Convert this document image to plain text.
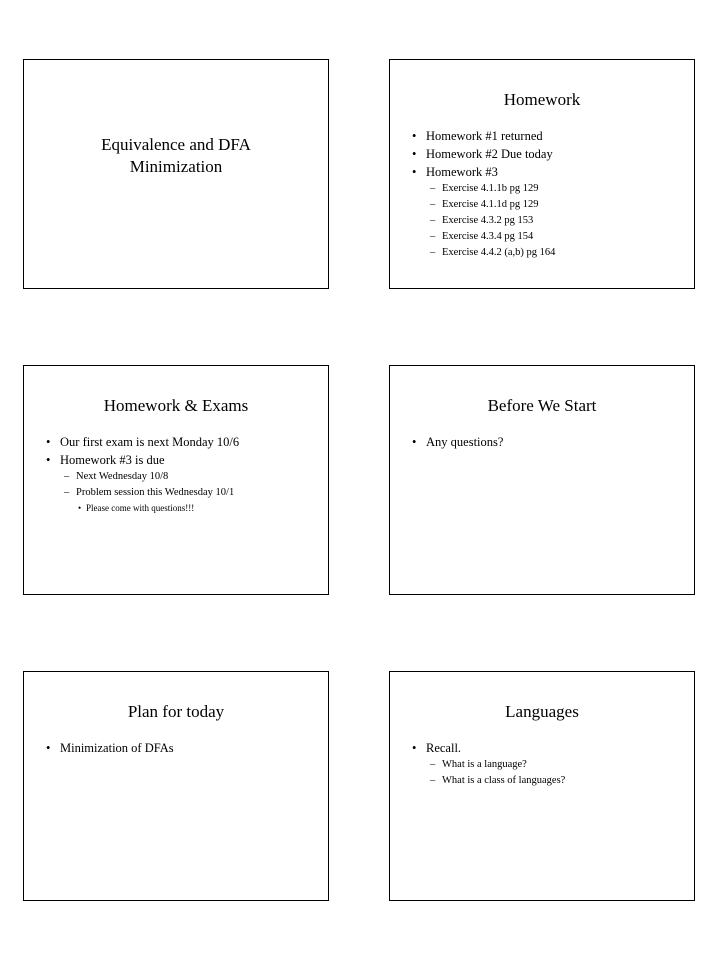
Equivalence and DFA
Minimization
Homework
• Homework #1 returned
• Homework #2 Due today
• Homework #3
– Exercise 4.1.1b pg 129
– Exercise 4.1.1d pg 129
– Exercise 4.3.2 pg 153
– Exercise 4.3.4 pg 154
– Exercise 4.4.2 (a,b) pg 164
Homework & Exams
• Our first exam is next Monday 10/6
• Homework #3 is due
– Next Wednesday 10/8
– Problem session this Wednesday 10/1
• Please come with questions!!!
Before We Start
• Any questions?
Plan for today
• Minimization of DFAs
Languages
• Recall.
– What is a language?
– What is a class of languages?
